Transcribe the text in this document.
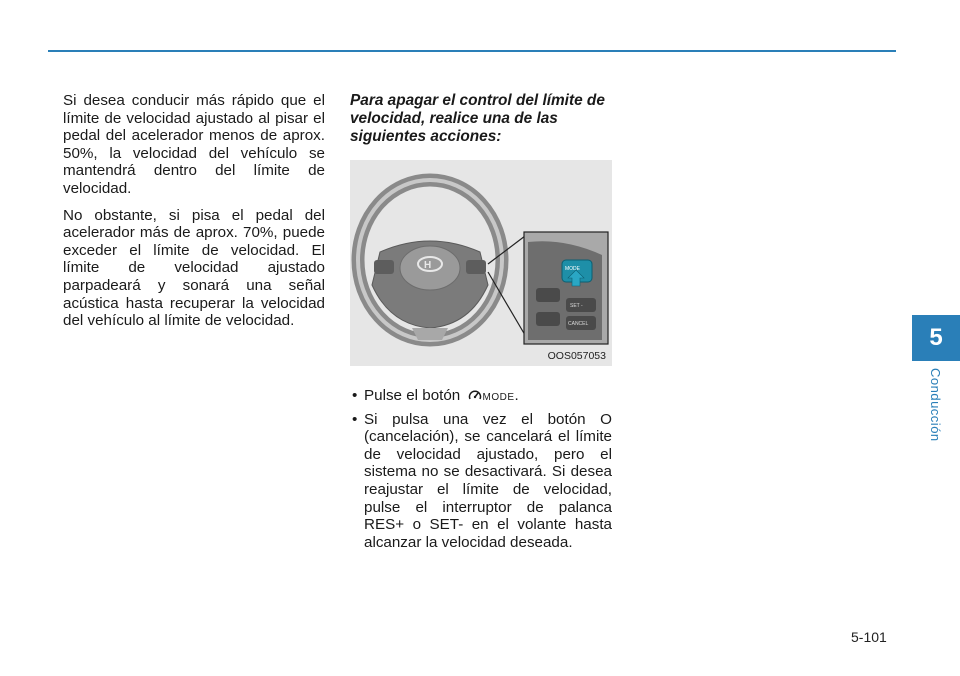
Si desea conducir más rápido que el límite de velocidad ajustado al pisar el pedal del acelerador menos de aprox. 50%, la velocidad del vehículo se mantendrá dentro del límite de velocidad.

No obstante, si pisa el pedal del acelerador más de aprox. 70%, puede exceder el límite de velocidad. El límite de velocidad ajustado parpadeará y sonará una señal acústica hasta recuperar la velocidad del vehículo al límite de velocidad.

Para apagar el control del límite de velocidad, realice una de las siguientes acciones:

H	MODE
SET -
CANCEL
OOS057053
• Pulse el botón MODE.
• Si pulsa una vez el botón O (cancelación), se cancelará el límite de velocidad ajustado, pero el sistema no se desactivará. Si desea reajustar el límite de velocidad, pulse el interruptor de palanca RES+ o SET- en el volante hasta alcanzar la velocidad deseada.
5
Conducción
5-101
